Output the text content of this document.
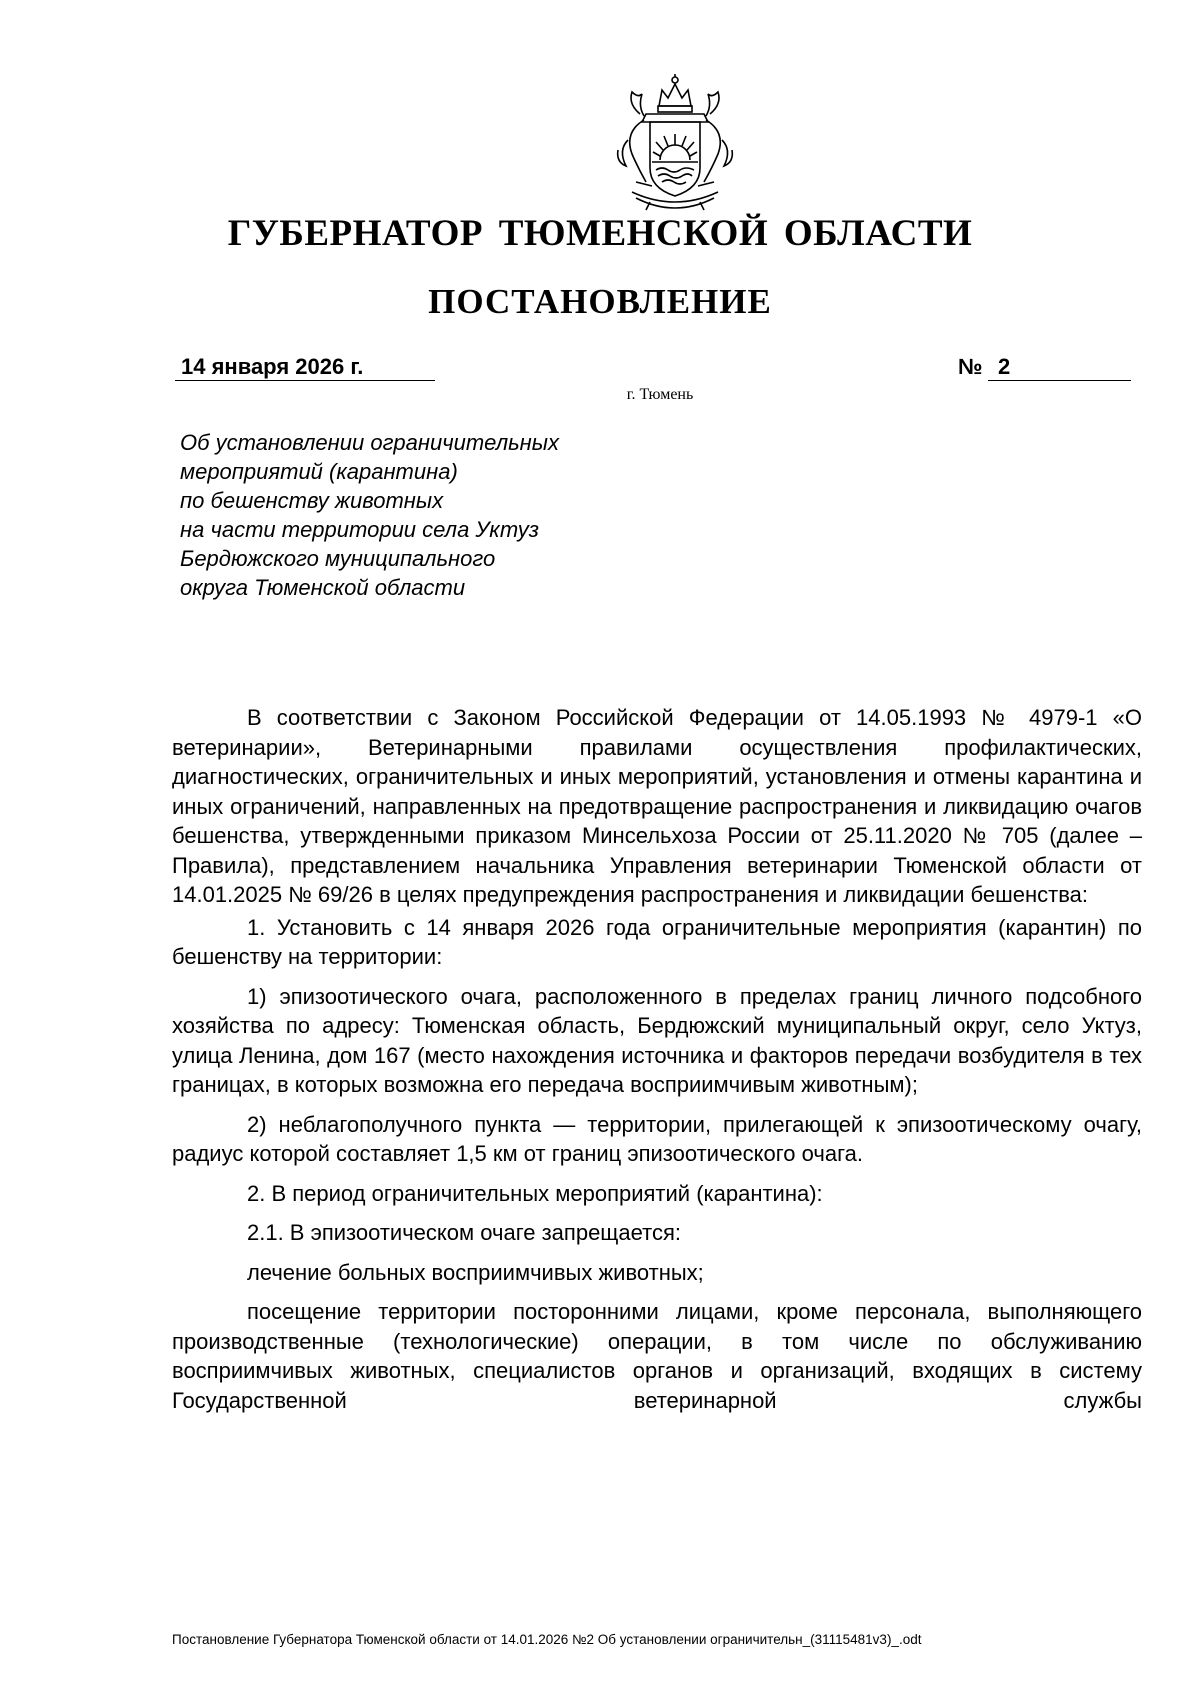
ГУБЕРНАТОР ТЮМЕНСКОЙ ОБЛАСТИ
ПОСТАНОВЛЕНИЕ
14 января 2026 г.	№ 2
г. Тюмень
Об установлении ограничительных
мероприятий (карантина)
по бешенству животных
на части территории села Уктуз
Бердюжского муниципального
округа Тюменской области

В соответствии с Законом Российской Федерации от 14.05.1993 № 4979-1 «О ветеринарии», Ветеринарными правилами осуществления профилактических, диагностических, ограничительных и иных мероприятий, установления и отмены карантина и иных ограничений, направленных на предотвращение распространения и ликвидацию очагов бешенства, утвержденными приказом Минсельхоза России от 25.11.2020 № 705 (далее – Правила), представлением начальника Управления ветеринарии Тюменской области от 14.01.2025 № 69/26 в целях предупреждения распространения и ликвидации бешенства:

1. Установить с 14 января 2026 года ограничительные мероприятия (карантин) по бешенству на территории:

1) эпизоотического очага, расположенного в пределах границ личного подсобного хозяйства по адресу: Тюменская область, Бердюжский муниципальный округ, село Уктуз, улица Ленина, дом 167 (место нахождения источника и факторов передачи возбудителя в тех границах, в которых возможна его передача восприимчивым животным);

2) неблагополучного пункта — территории, прилегающей к эпизоотическому очагу, радиус которой составляет 1,5 км от границ эпизоотического очага.

2. В период ограничительных мероприятий (карантина):

2.1. В эпизоотическом очаге запрещается:

лечение больных восприимчивых животных;

посещение территории посторонними лицами, кроме персонала, выполняющего производственные (технологические) операции, в том числе по обслуживанию восприимчивых животных, специалистов органов и организаций, входящих в систему Государственной ветеринарной службы

Постановление Губернатора Тюменской области от 14.01.2026 №2 Об установлении ограничительн_(31115481v3)_.odt
